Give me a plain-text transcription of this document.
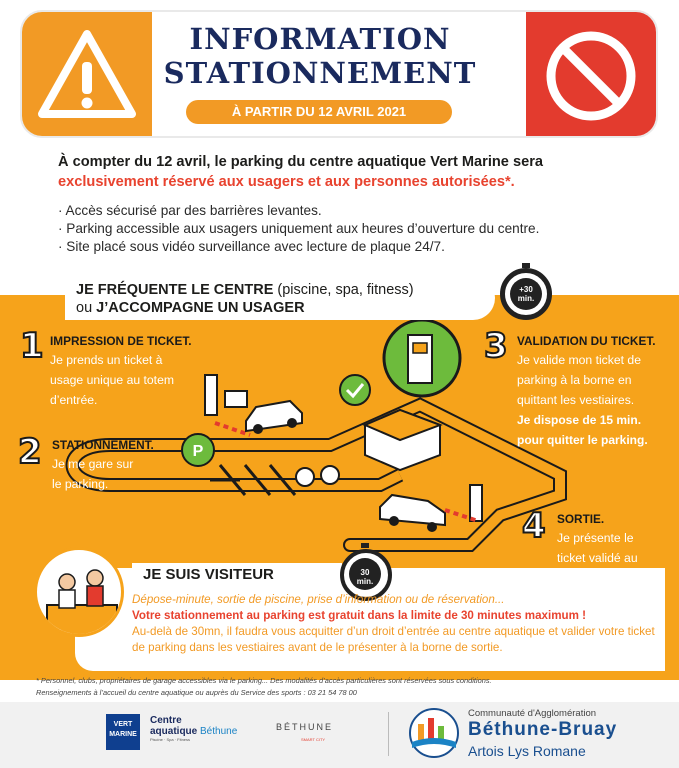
INFORMATION
STATIONNEMENT
À PARTIR DU 12 AVRIL 2021
À compter du 12 avril, le parking du centre aquatique Vert Marine sera
exclusivement réservé aux usagers et aux personnes autorisées*.
· Accès sécurisé par des barrières levantes.
· Parking accessible aux usagers uniquement aux heures d’ouverture du centre.
· Site placé sous vidéo surveillance avec lecture de plaque 24/7.
P
JE FRÉQUENTE LE CENTRE (piscine, spa, fitness)
ou J’ACCOMPAGNE UN USAGER
+30
min.
1 IMPRESSION DE TICKET.
Je prends un ticket à
usage unique au totem
d’entrée.
2 STATIONNEMENT.
Je me gare sur
le parking.
3 VALIDATION DU TICKET.
Je valide mon ticket de
parking à la borne en
quittant les vestiaires.
Je dispose de 15 min.
pour quitter le parking.
4 SORTIE.
Je présente le
ticket validé au
JE SUIS VISITEUR	30
min.
Dépose-minute, sortie de piscine, prise d’information ou de réservation...
Votre stationnement au parking est gratuit dans la limite de 30 minutes maximum !
Au-delà de 30mn, il faudra vous acquitter d’un droit d’entrée au centre aquatique et valider votre ticket de parking dans les vestiaires avant de le présenter à la borne de sortie.
* Personnel, clubs, propriétaires de garage accessibles via le parking... Des modalités d’accès particulières sont réservées sous conditions.
Renseignements à l’accueil du centre aquatique ou auprès du Service des sports : 03 21 54 78 00
VERT
MARINE
Centre
aquatique Béthune
Piscine · Spa · Fitness
BÉTHUNE
SMART CITY
Communauté d'Agglomération
Béthune-Bruay
Artois Lys Romane
